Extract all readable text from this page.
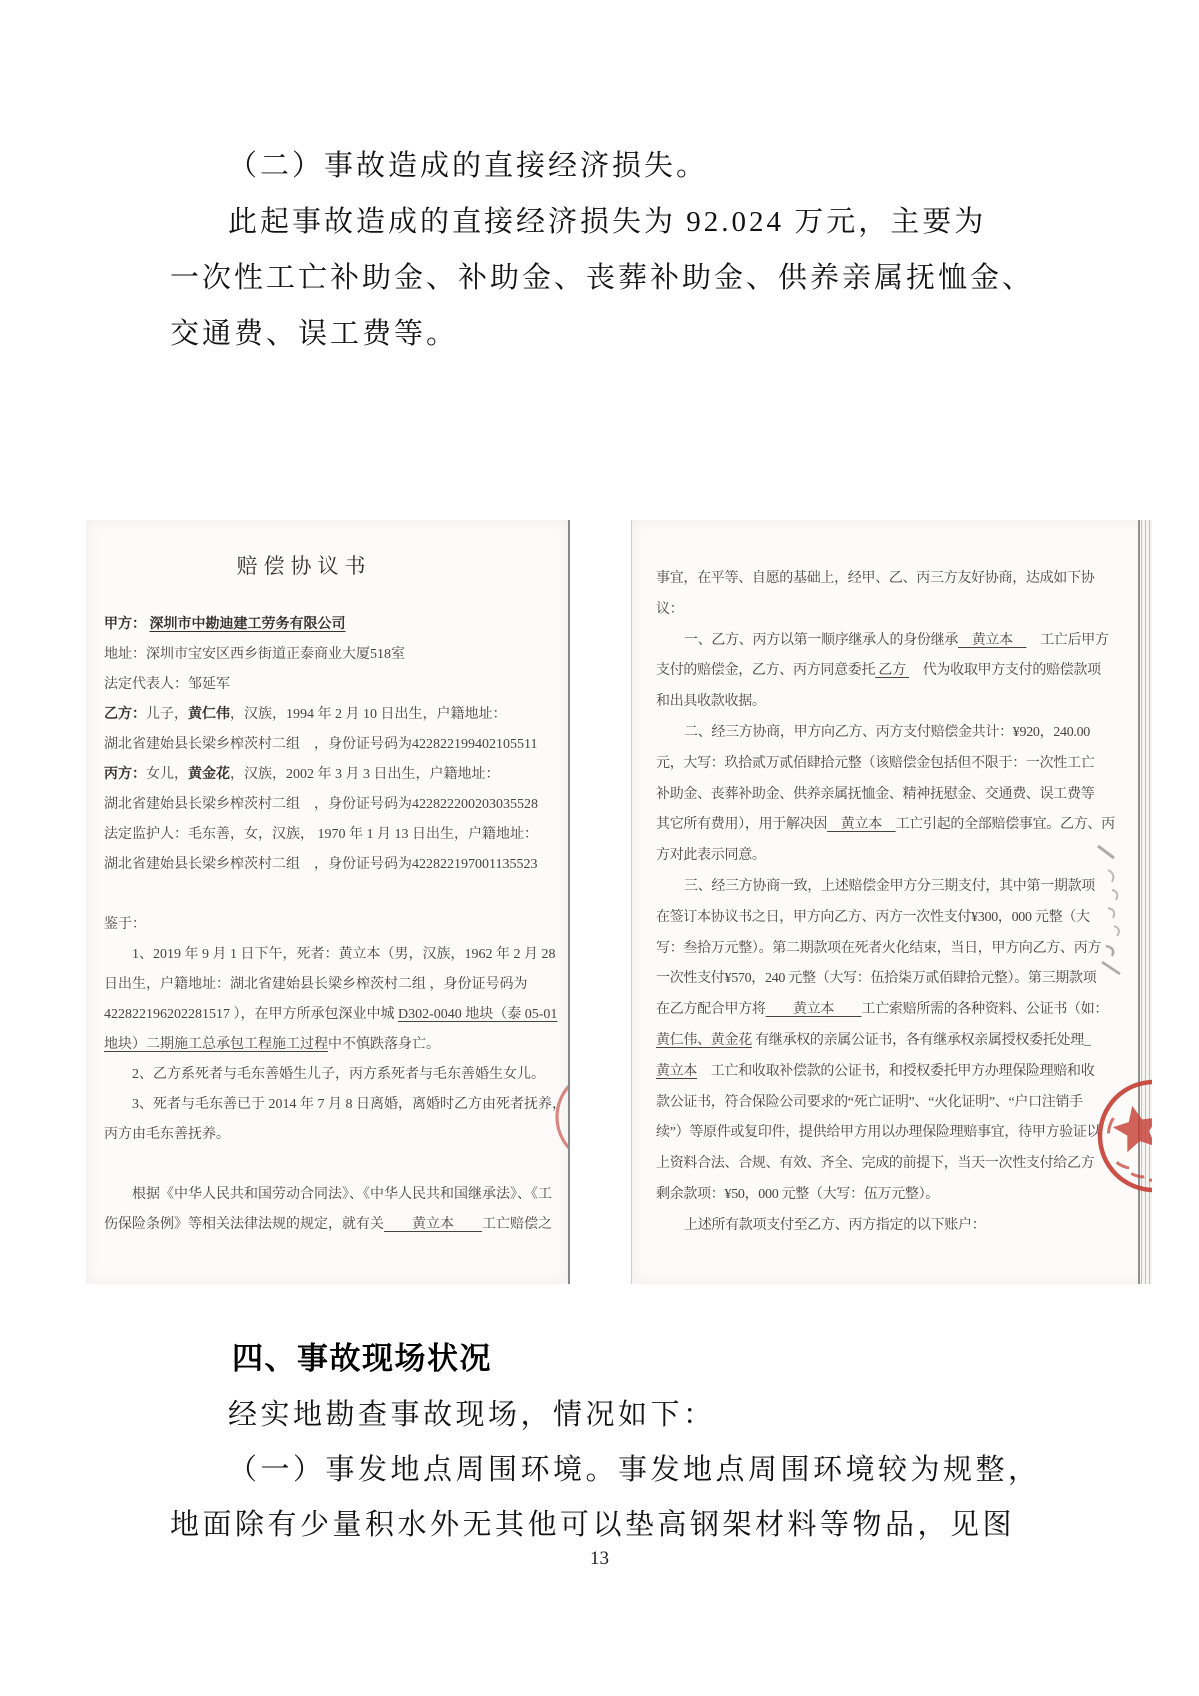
（二）事故造成的直接经济损失。
此起事故造成的直接经济损失为 92.024 万元，主要为
一次性工亡补助金、补助金、丧葬补助金、供养亲属抚恤金、
交通费、误工费等。
赔偿协议书
甲方： 深圳市中勘迪建工劳务有限公司
地址：深圳市宝安区西乡街道正泰商业大厦518室
法定代表人：邹延军
乙方：儿子，黄仁伟，汉族，1994 年 2 月 10 日出生，户籍地址：
湖北省建始县长梁乡榨茨村二组　，身份证号码为422822199402105511
丙方：女儿，黄金花，汉族，2002 年 3 月 3 日出生，户籍地址：
湖北省建始县长梁乡榨茨村二组　，身份证号码为422822200203035528
法定监护人：毛东善，女，汉族， 1970 年 1 月 13 日出生，户籍地址：
湖北省建始县长梁乡榨茨村二组　，身份证号码为422822197001135523
鉴于：
1、2019 年 9 月 1 日下午，死者：黄立本（男，汉族，1962 年 2 月 28
日出生，户籍地址：湖北省建始县长梁乡榨茨村二组 ，身份证号码为
422822196202281517 ），在甲方所承包深业中城 D302-0040 地块（泰 05-01
地块）二期施工总承包工程施工过程中不慎跌落身亡。
2、乙方系死者与毛东善婚生儿子，丙方系死者与毛东善婚生女儿。
3、死者与毛东善已于 2014 年 7 月 8 日离婚，离婚时乙方由死者抚养，
丙方由毛东善抚养。
根据《中华人民共和国劳动合同法》、《中华人民共和国继承法》、《工
伤保险条例》等相关法律法规的规定，就有关　　黄立本　　工亡赔偿之
事宜，在平等、自愿的基础上，经甲、乙、丙三方友好协商，达成如下协
议：
一、乙方、丙方以第一顺序继承人的身份继承　黄立本　　工亡后甲方
支付的赔偿金，乙方、丙方同意委托 乙方 　代为收取甲方支付的赔偿款项
和出具收款收据。
二、经三方协商，甲方向乙方、丙方支付赔偿金共计：¥920，240.00
元，大写：玖拾贰万贰佰肆拾元整（该赔偿金包括但不限于：一次性工亡
补助金、丧葬补助金、供养亲属抚恤金、精神抚慰金、交通费、误工费等
其它所有费用），用于解决因　黄立本　工亡引起的全部赔偿事宜。乙方、丙
方对此表示同意。
三、经三方协商一致，上述赔偿金甲方分三期支付，其中第一期款项
在签订本协议书之日，甲方向乙方、丙方一次性支付¥300，000 元整（大
写：叁拾万元整）。第二期款项在死者火化结束，当日，甲方向乙方、丙方
一次性支付¥570，240 元整（大写：伍拾柒万贰佰肆拾元整）。第三期款项
在乙方配合甲方将　　黄立本　　工亡索赔所需的各种资料、公证书（如：
黄仁伟、黄金花 有继承权的亲属公证书，各有继承权亲属授权委托处理_
黄立本　工亡和收取补偿款的公证书，和授权委托甲方办理保险理赔和收
款公证书，符合保险公司要求的“死亡证明”、“火化证明”、“户口注销手
续”）等原件或复印件，提供给甲方用以办理保险理赔事宜，待甲方验证以
上资料合法、合规、有效、齐全、完成的前提下，当天一次性支付给乙方
剩余款项：¥50，000 元整（大写：伍万元整）。
上述所有款项支付至乙方、丙方指定的以下账户：
四、事故现场状况
经实地勘查事故现场，情况如下：
（一）事发地点周围环境。事发地点周围环境较为规整，
地面除有少量积水外无其他可以垫高钢架材料等物品，见图
13
